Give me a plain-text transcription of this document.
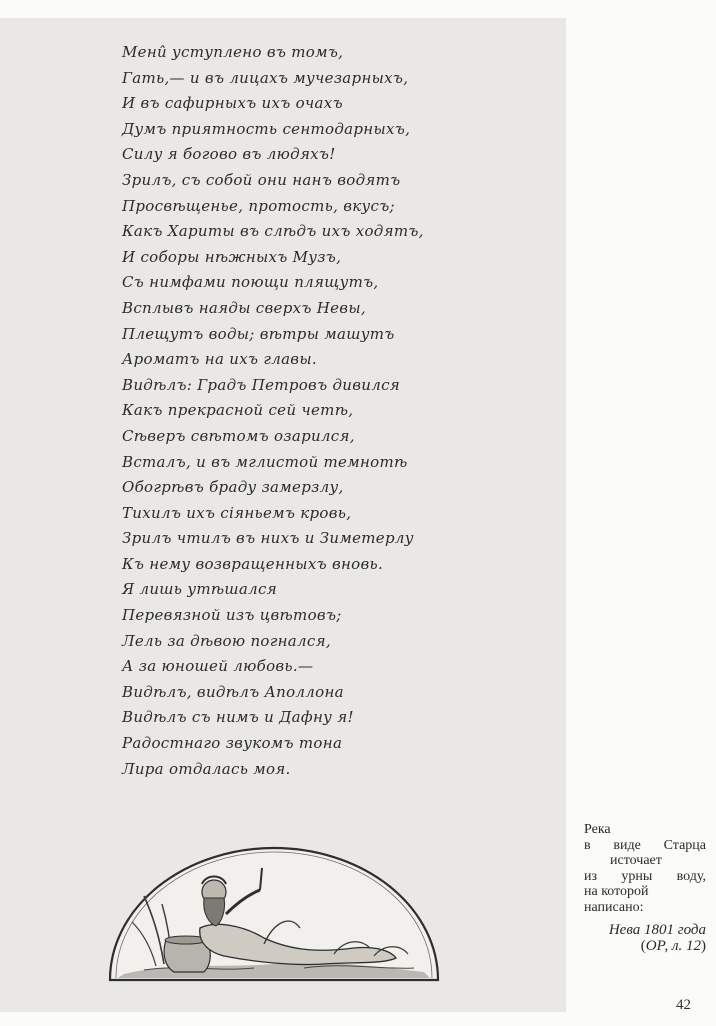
Мени̂ уступлено въ томъ,
Гать,— и въ лицахъ мучезарныхъ,
И въ сафирныхъ ихъ очахъ
Думъ приятность сентодарныхъ,
Силу я богово въ людяхъ!
Зрилъ, съ собой они нанъ водятъ
Просвѣщенье, протость, вкусъ;
Какъ Хариты въ слѣдъ ихъ ходятъ,
И соборы нѣжныхъ Музъ,
Съ нимфами поющи плящутъ,
Всплывъ наяды сверхъ Невы,
Плещутъ воды; вѣтры машутъ
Ароматъ на ихъ главы.
Видѣлъ: Градъ Петровъ дивился
Какъ прекрасной сей четѣ,
Сѣверъ свѣтомъ озарился,
Всталъ, и въ мглистой темнотѣ
Обогрѣвъ браду замерзлу,
Тихилъ ихъ сіяньемъ кровь,
Зрилъ чтилъ въ нихъ и Зиметерлу
Къ нему возвращенныхъ вновь.
Я лишь утѣшался
Перевязной изъ цвѣтовъ;
Лель за дѣвою погнался,
А за юношей любовь.—
Видѣлъ, видѣлъ Аполлона
Видѣлъ съ нимъ и Дафну я!
Радостнаго звукомъ тона
Лира отдалась моя.
Река
в виде Старца
источает
из урны воду,
на которой
написано:
Нева 1801 года
(ОР, л. 12)
42
